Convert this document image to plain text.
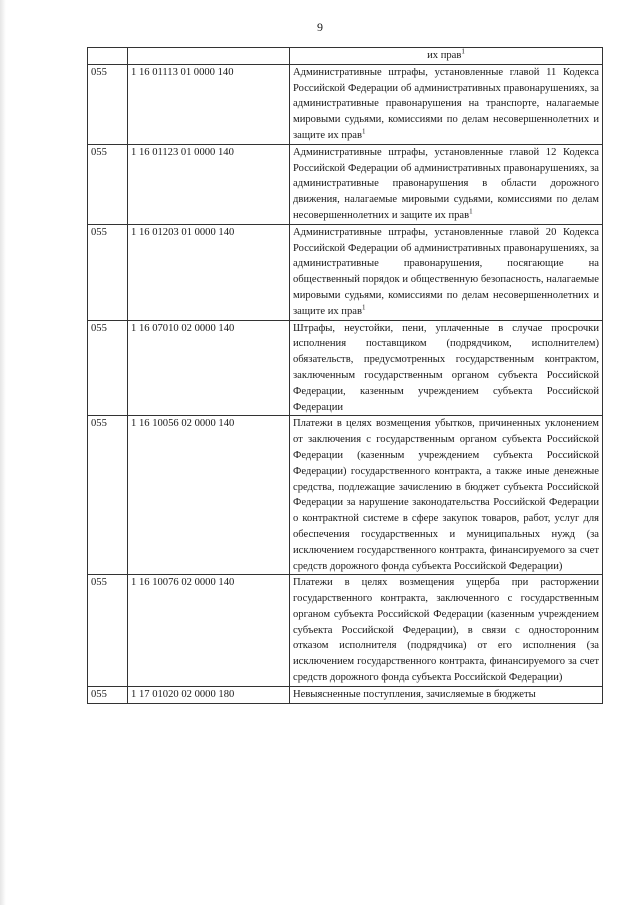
9
		их прав$^1$
055	1 16 01113 01 0000 140	Административные штрафы, установленные главой 11 Кодекса Российской Федерации об административных правонарушениях, за административные правонарушения на транспорте, налагаемые мировыми судьями, комиссиями по делам несовершеннолетних и защите их прав$^1$
055	1 16 01123 01 0000 140	Административные штрафы, установленные главой 12 Кодекса Российской Федерации об административных правонарушениях, за административные правонарушения в области дорожного движения, налагаемые мировыми судьями, комиссиями по делам несовершеннолетних и защите их прав$^1$
055	1 16 01203 01 0000 140	Административные штрафы, установленные главой 20 Кодекса Российской Федерации об административных правонарушениях, за административные правонарушения, посягающие на общественный порядок и общественную безопасность, налагаемые мировыми судьями, комиссиями по делам несовершеннолетних и защите их прав$^1$
055	1 16 07010 02 0000 140	Штрафы, неустойки, пени, уплаченные в случае просрочки исполнения поставщиком (подрядчиком, исполнителем) обязательств, предусмотренных государственным контрактом, заключенным государственным органом субъекта Российской Федерации, казенным учреждением субъекта Российской Федерации
055	1 16 10056 02 0000 140	Платежи в целях возмещения убытков, причиненных уклонением от заключения с государственным органом субъекта Российской Федерации (казенным учреждением субъекта Российской Федерации) государственного контракта, а также иные денежные средства, подлежащие зачислению в бюджет субъекта Российской Федерации за нарушение законодательства Российской Федерации о контрактной системе в сфере закупок товаров, работ, услуг для обеспечения государственных и муниципальных нужд (за исключением государственного контракта, финансируемого за счет средств дорожного фонда субъекта Российской Федерации)
055	1 16 10076 02 0000 140	Платежи в целях возмещения ущерба при расторжении государственного контракта, заключенного с государственным органом субъекта Российской Федерации (казенным учреждением субъекта Российской Федерации), в связи с односторонним отказом исполнителя (подрядчика) от его исполнения (за исключением государственного контракта, финансируемого за счет средств дорожного фонда субъекта Российской Федерации)
055	1 17 01020 02 0000 180	Невыясненные поступления, зачисляемые в бюджеты
